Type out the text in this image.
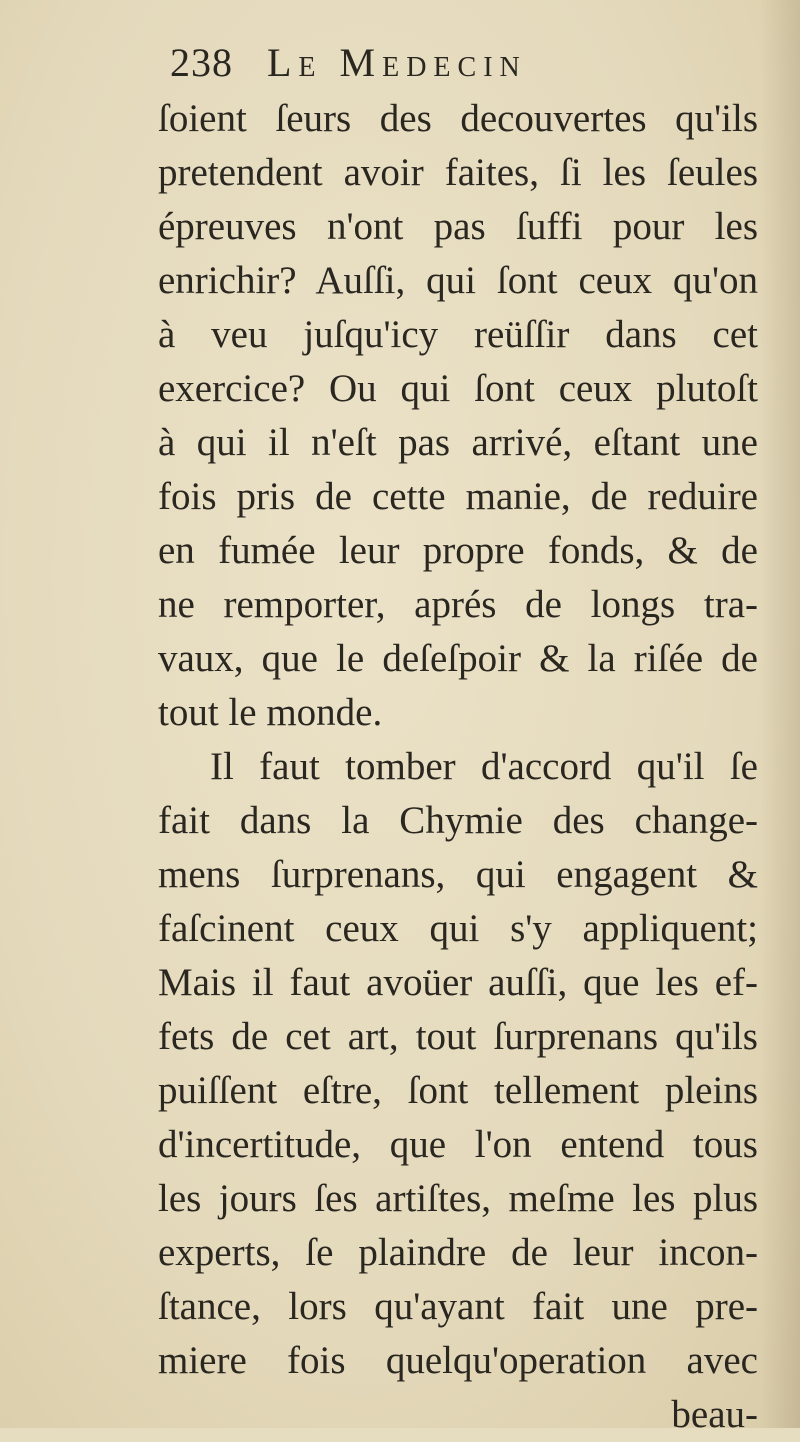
238 Le Medecin
ſoient ſeurs des decouvertes qu'ils
pretendent avoir faites, ſi les ſeules
épreuves n'ont pas ſuffi pour les
enrichir? Auſſi, qui ſont ceux qu'on
à veu juſqu'icy reüſſir dans cet
exercice? Ou qui ſont ceux plutoſt
à qui il n'eſt pas arrivé, eſtant une
fois pris de cette manie, de reduire
en fumée leur propre fonds, & de
ne remporter, aprés de longs tra-
vaux, que le deſeſpoir & la riſée de
tout le monde.
Il faut tomber d'accord qu'il ſe
fait dans la Chymie des change-
mens ſurprenans, qui engagent &
faſcinent ceux qui s'y appliquent;
Mais il faut avoüer auſſi, que les ef-
fets de cet art, tout ſurprenans qu'ils
puiſſent eſtre, ſont tellement pleins
d'incertitude, que l'on entend tous
les jours ſes artiſtes, meſme les plus
experts, ſe plaindre de leur incon-
ſtance, lors qu'ayant fait une pre-
miere fois quelqu'operation avec
beau-
